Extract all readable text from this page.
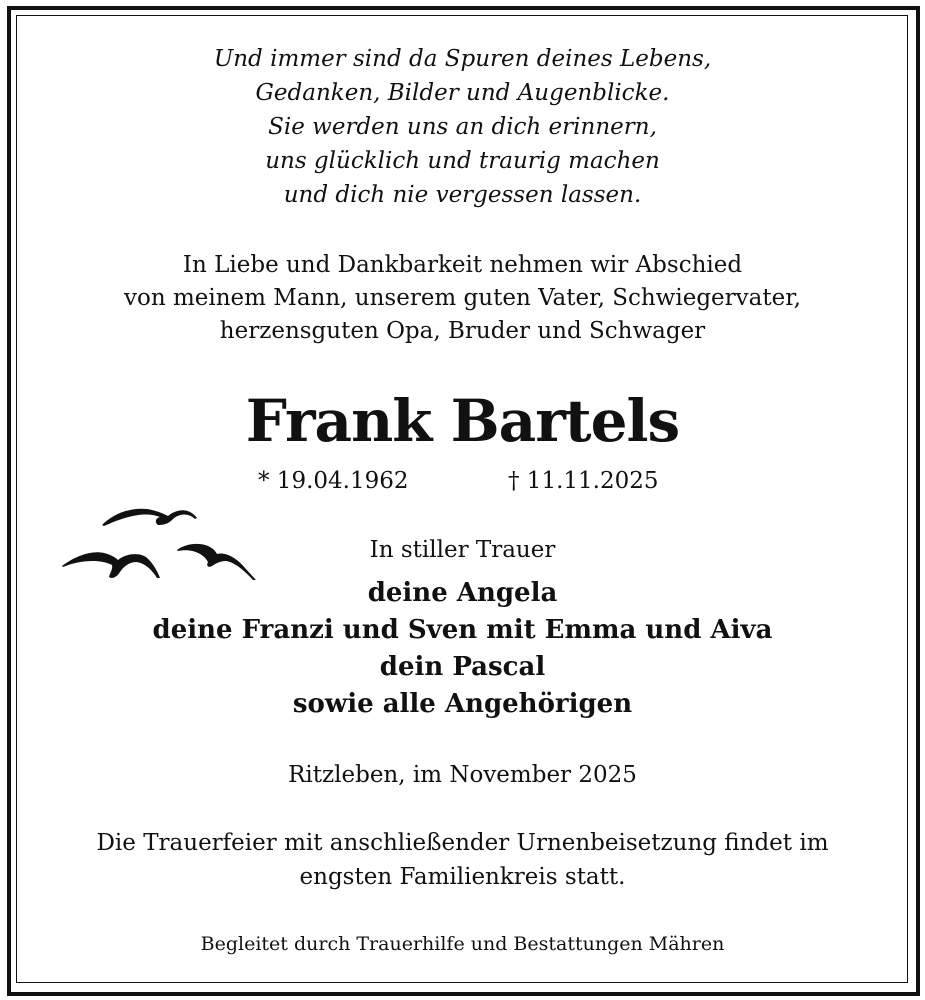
Und immer sind da Spuren deines Lebens,
Gedanken, Bilder und Augenblicke.
Sie werden uns an dich erinnern,
uns glücklich und traurig machen
und dich nie vergessen lassen.
In Liebe und Dankbarkeit nehmen wir Abschied
von meinem Mann, unserem guten Vater, Schwiegervater,
herzensguten Opa, Bruder und Schwager
Frank Bartels
* 19.04.1962	† 11.11.2025
In stiller Trauer
deine Angela
deine Franzi und Sven mit Emma und Aiva
dein Pascal
sowie alle Angehörigen
Ritzleben, im November 2025
Die Trauerfeier mit anschließender Urnenbeisetzung findet im
engsten Familienkreis statt.
Begleitet durch Trauerhilfe und Bestattungen Mähren
